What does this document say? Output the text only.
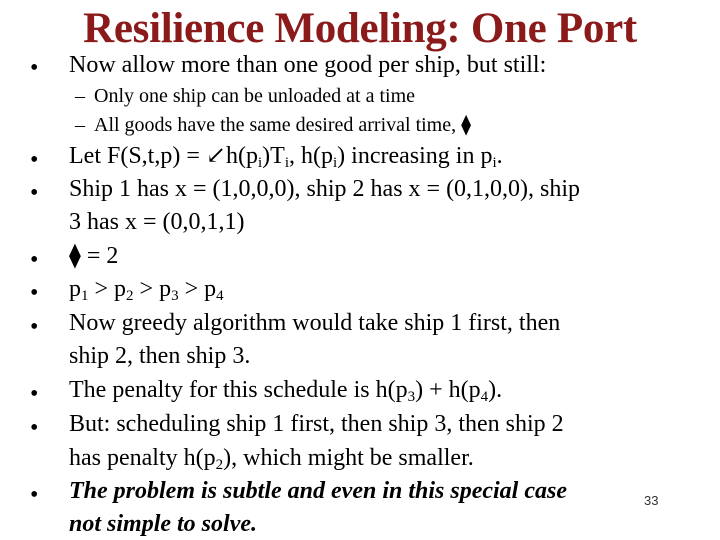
Resilience Modeling: One Port
• Now allow more than one good per ship, but still:
– Only one ship can be unloaded at a time
– All goods have the same desired arrival time, ⧫
• Let $F(S,t,p) = ↙h(p_i)T_i$, $h(p_i)$ increasing in $p_i$.
• Ship 1 has x = (1,0,0,0), ship 2 has x = (0,1,0,0), ship
3 has x = (0,0,1,1)
• ⧫ = 2
• $p_1 > p_2 > p_3 > p_4$
• Now greedy algorithm would take ship 1 first, then
ship 2, then ship 3.
• The penalty for this schedule is $h(p_3) + h(p_4)$.
• But: scheduling ship 1 first, then ship 3, then ship 2
has penalty $h(p_2)$, which might be smaller.
• The problem is subtle and even in this special case
not simple to solve.
33
